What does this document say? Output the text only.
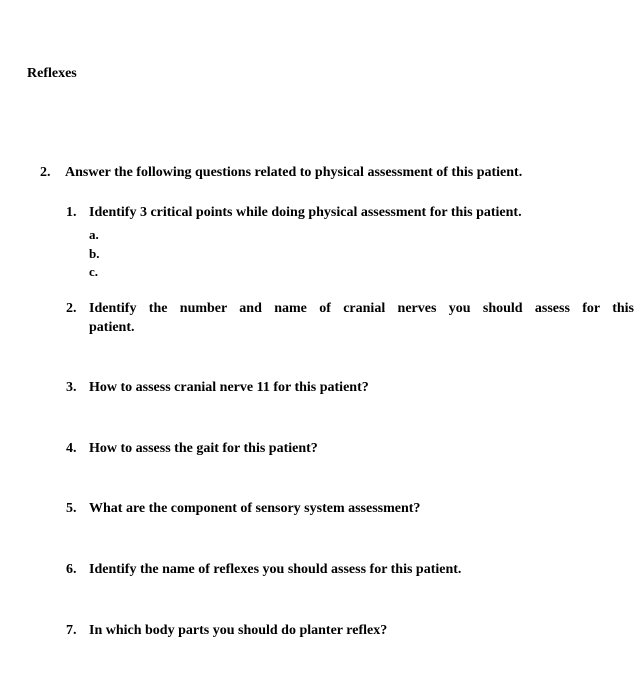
Reflexes
2. Answer the following questions related to physical assessment of this patient.
1. Identify 3 critical points while doing physical assessment for this patient.
a.
b.
c.
2. Identify the number and name of cranial nerves you should assess for this
patient.
3. How to assess cranial nerve 11 for this patient?
4. How to assess the gait for this patient?
5. What are the component of sensory system assessment?
6. Identify the name of reflexes you should assess for this patient.
7. In which body parts you should do planter reflex?
